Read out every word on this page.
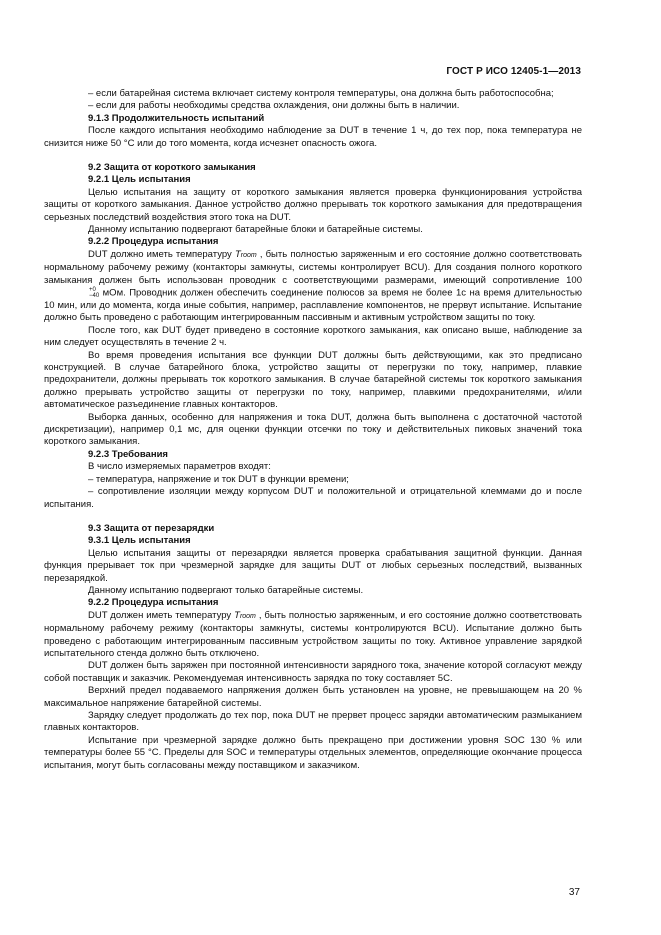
ГОСТ Р ИСО 12405-1—2013

– если батарейная система включает систему контроля температуры, она должна быть работоспособна;

– если для работы необходимы средства охлаждения, они должны быть в наличии.

9.1.3 Продолжительность испытаний

После каждого испытания необходимо наблюдение за DUT в течение 1 ч, до тех пор, пока температура не снизится ниже 50 °С или до того момента, когда исчезнет опасность ожога.

9.2 Защита от короткого замыкания

9.2.1 Цель испытания

Целью испытания на защиту от короткого замыкания является проверка функционирования устройства защиты от короткого замыкания. Данное устройство должно прерывать ток короткого замыкания для предотвращения серьезных последствий воздействия этого тока на DUT.

Данному испытанию подвергают батарейные блоки и батарейные системы.

9.2.2 Процедура испытания

DUT должно иметь температуру Troom , быть полностью заряженным и его состояние должно соответствовать нормальному рабочему режиму (контакторы замкнуты, системы контролирует BCU). Для создания полного короткого замыкания должен быть использован проводник с соответствующими размерами, имеющий сопротивление 100
+0
−40 мОм. Проводник должен обеспечить соединение полюсов за время не более 1с на время длительностью 10 мин, или до момента, когда иные события, например, расплавление компонентов, не прервут испытание. Испытание должно быть проведено с работающим интегрированным пассивным и активным устройством защиты по току.

После того, как DUT будет приведено в состояние короткого замыкания, как описано выше, наблюдение за ним следует осуществлять в течение 2 ч.

Во время проведения испытания все функции DUT должны быть действующими, как это предписано конструкцией. В случае батарейного блока, устройство защиты от перегрузки по току, например, плавкие предохранители, должны прерывать ток короткого замыкания. В случае батарейной системы ток короткого замыкания должно прерывать устройство защиты от перегрузки по току, например, плавкими предохранителями, и/или автоматическое разъединение главных контакторов.

Выборка данных, особенно для напряжения и тока DUT, должна быть выполнена с достаточной частотой дискретизации), например 0,1 мс, для оценки функции отсечки по току и действительных пиковых значений тока короткого замыкания.

9.2.3 Требования

В число измеряемых параметров входят:

– температура, напряжение и ток DUT в функции времени;

– сопротивление изоляции между корпусом DUT и положительной и отрицательной клеммами до и после испытания.

9.3 Защита от перезарядки

9.3.1 Цель испытания

Целью испытания защиты от перезарядки является проверка срабатывания защитной функции. Данная функция прерывает ток при чрезмерной зарядке для защиты DUT от любых серьезных последствий, вызванных перезарядкой.

Данному испытанию подвергают только батарейные системы.

9.2.2 Процедура испытания

DUT должен иметь температуру Troom , быть полностью заряженным, и его состояние должно соответствовать нормальному рабочему режиму (контакторы замкнуты, системы контролируются BCU). Испытание должно быть проведено с работающим интегрированным пассивным устройством защиты по току. Активное управление зарядкой испытательного стенда должно быть отключено.

DUT должен быть заряжен при постоянной интенсивности зарядного тока, значение которой согласуют между собой поставщик и заказчик. Рекомендуемая интенсивность зарядка по току составляет 5С.

Верхний предел подаваемого напряжения должен быть установлен на уровне, не превышающем на 20 % максимальное напряжение батарейной системы.

Зарядку следует продолжать до тех пор, пока DUT не прервет процесс зарядки автоматическим размыканием главных контакторов.

Испытание при чрезмерной зарядке должно быть прекращено при достижении уровня SOC 130 % или температуры более 55 °С. Пределы для SOC и температуры отдельных элементов, определяющие окончание процесса испытания, могут быть согласованы между поставщиком и заказчиком.

37
